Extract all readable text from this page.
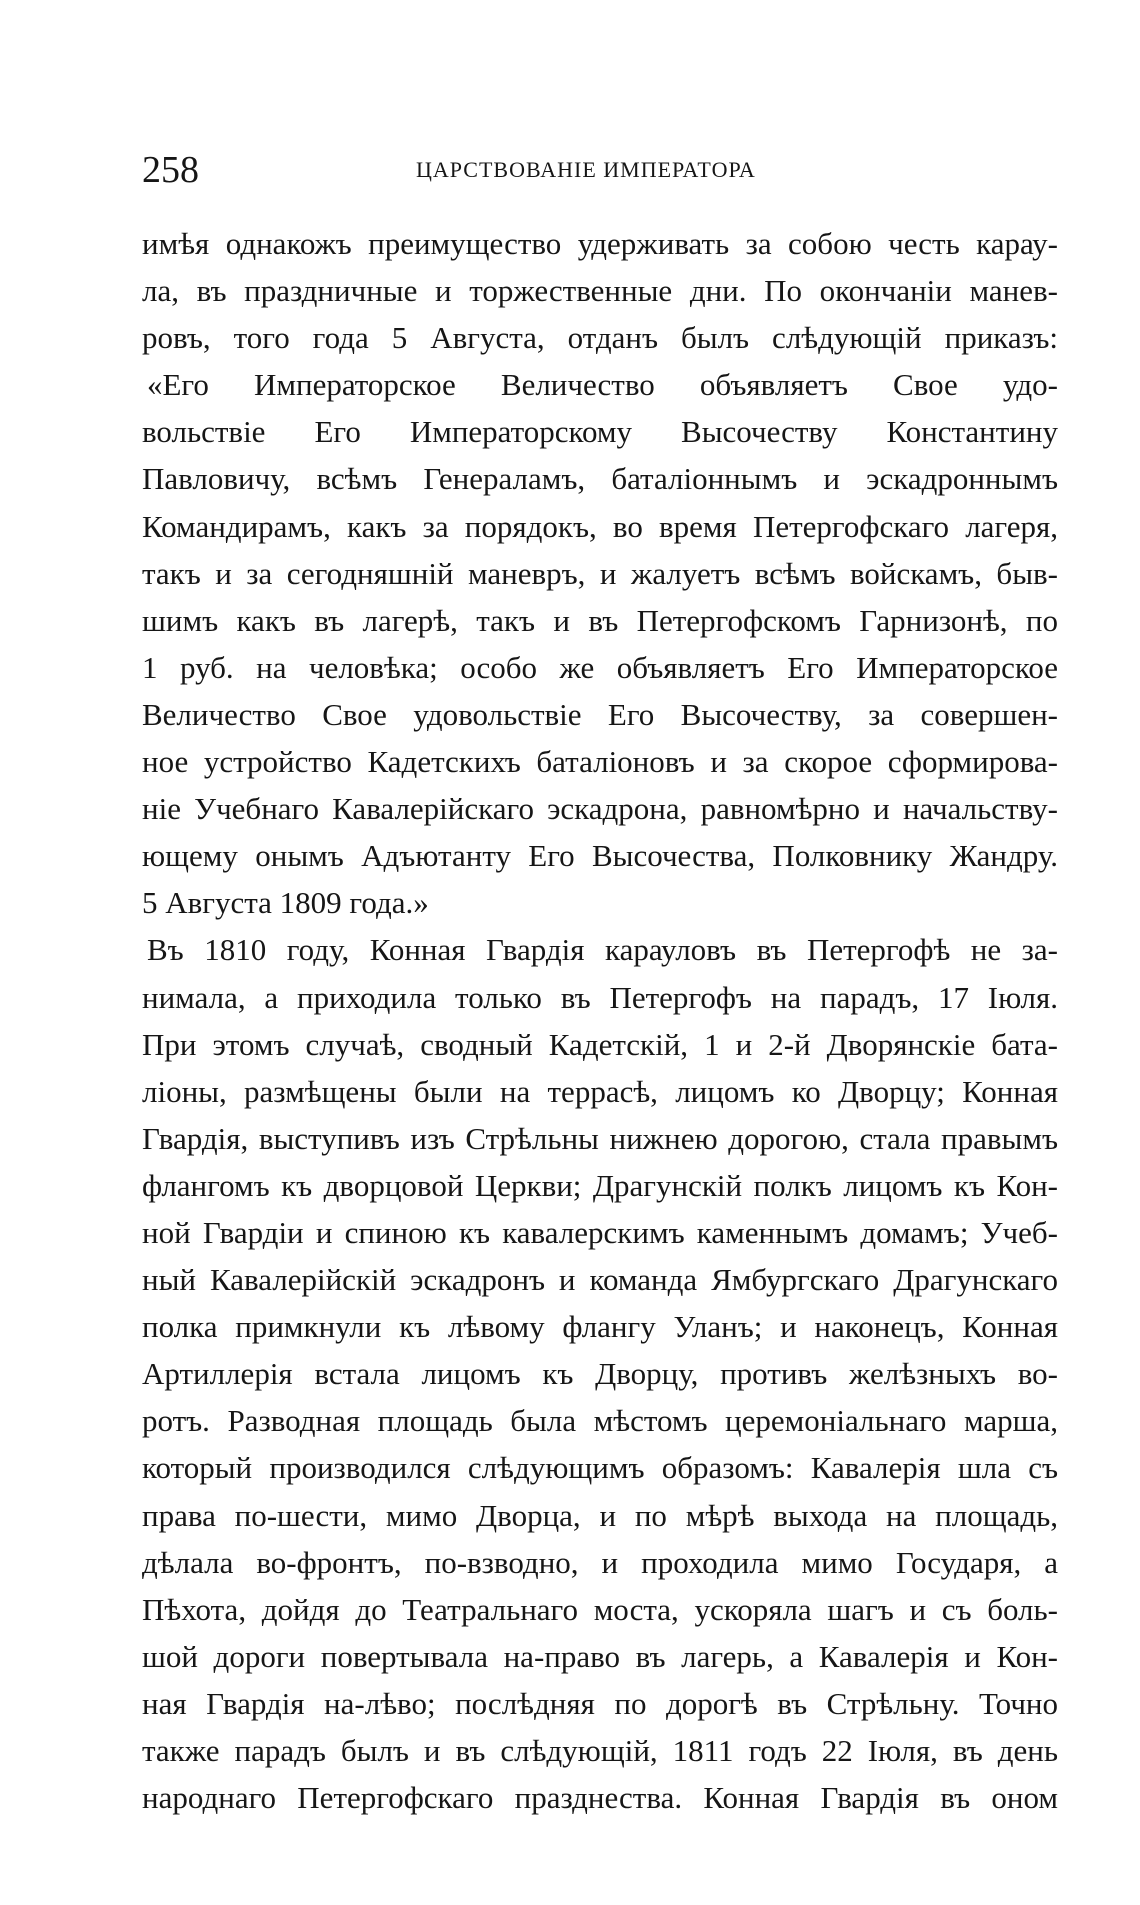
258	ЦАРСТВОВАНІЕ ИМПЕРАТОРА
имѣя однакожъ преимущество удерживать за собою честь карау-
ла, въ праздничные и торжественные дни. По окончаніи манев-
ровъ, того года 5 Августа, отданъ былъ слѣдующій приказъ:
«Его Императорское Величество объявляетъ Свое удо-
вольствіе Его Императорскому Высочеству Константину
Павловичу, всѣмъ Генераламъ, баталіоннымъ и эскадроннымъ
Командирамъ, какъ за порядокъ, во время Петергофскаго лагеря,
такъ и за сегодняшній маневръ, и жалуетъ всѣмъ войскамъ, быв-
шимъ какъ въ лагерѣ, такъ и въ Петергофскомъ Гарнизонѣ, по
1 руб. на человѣка; особо же объявляетъ Его Императорское
Величество Свое удовольствіе Его Высочеству, за совершен-
ное устройство Кадетскихъ баталіоновъ и за скорое сформирова-
ніе Учебнаго Кавалерійскаго эскадрона, равномѣрно и начальству-
ющему онымъ Адъютанту Его Высочества, Полковнику Жандру.
5 Августа 1809 года.»
Въ 1810 году, Конная Гвардія карауловъ въ Петергофѣ не за-
нимала, а приходила только въ Петергофъ на парадъ, 17 Іюля.
При этомъ случаѣ, сводный Кадетскій, 1 и 2-й Дворянскіе бата-
ліоны, размѣщены были на террасѣ, лицомъ ко Дворцу; Конная
Гвардія, выступивъ изъ Стрѣльны нижнею дорогою, стала правымъ
флангомъ къ дворцовой Церкви; Драгунскій полкъ лицомъ къ Кон-
ной Гвардіи и спиною къ кавалерскимъ каменнымъ домамъ; Учеб-
ный Кавалерійскій эскадронъ и команда Ямбургскаго Драгунскаго
полка примкнули къ лѣвому флангу Уланъ; и наконецъ, Конная
Артиллерія встала лицомъ къ Дворцу, противъ желѣзныхъ во-
ротъ. Разводная площадь была мѣстомъ церемоніальнаго марша,
который производился слѣдующимъ образомъ: Кавалерія шла съ
права по-шести, мимо Дворца, и по мѣрѣ выхода на площадь,
дѣлала во-фронтъ, по-взводно, и проходила мимо Государя, а
Пѣхота, дойдя до Театральнаго моста, ускоряла шагъ и съ боль-
шой дороги повертывала на-право въ лагерь, а Кавалерія и Кон-
ная Гвардія на-лѣво; послѣдняя по дорогѣ въ Стрѣльну. Точно
также парадъ былъ и въ слѣдующій, 1811 годъ 22 Іюля, въ день
народнаго Петергофскаго празднества. Конная Гвардія въ оном
